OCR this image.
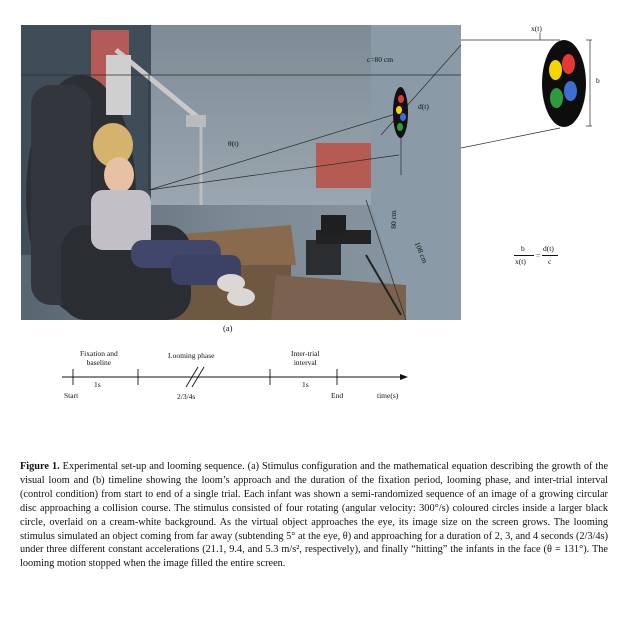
c=80 cm
θ(t)
d(t)
x(t)
b
80 cm
108 cm
(a)
b
x(t)
=
d(t)
c
Fixation and
baseline
Looming phase	Inter-trial
interval
1s
2/3/4s
1s
Start	End	time(s)
Figure 1. Experimental set-up and looming sequence. (a) Stimulus configuration and the mathematical equation describing the growth of the visual loom and (b) timeline showing the loom’s approach and the duration of the fixation period, looming phase, and inter-trial interval (control condition) from start to end of a single trial. Each infant was shown a semi-randomized sequence of an image of a growing circular disc approaching a collision course. The stimulus consisted of four rotating (angular velocity: 300°/s) coloured circles inside a larger black circle, overlaid on a cream-white background. As the virtual object approaches the eye, its image size on the screen grows. The looming stimulus simulated an object coming from far away (subtending 5° at the eye, θ) and approaching for a duration of 2, 3, and 4 seconds (2/3/4s) under three different constant accelerations (21.1, 9.4, and 5.3 m/s², respectively), and finally “hitting” the infants in the face (θ = 131°). The looming motion stopped when the image filled the entire screen.
